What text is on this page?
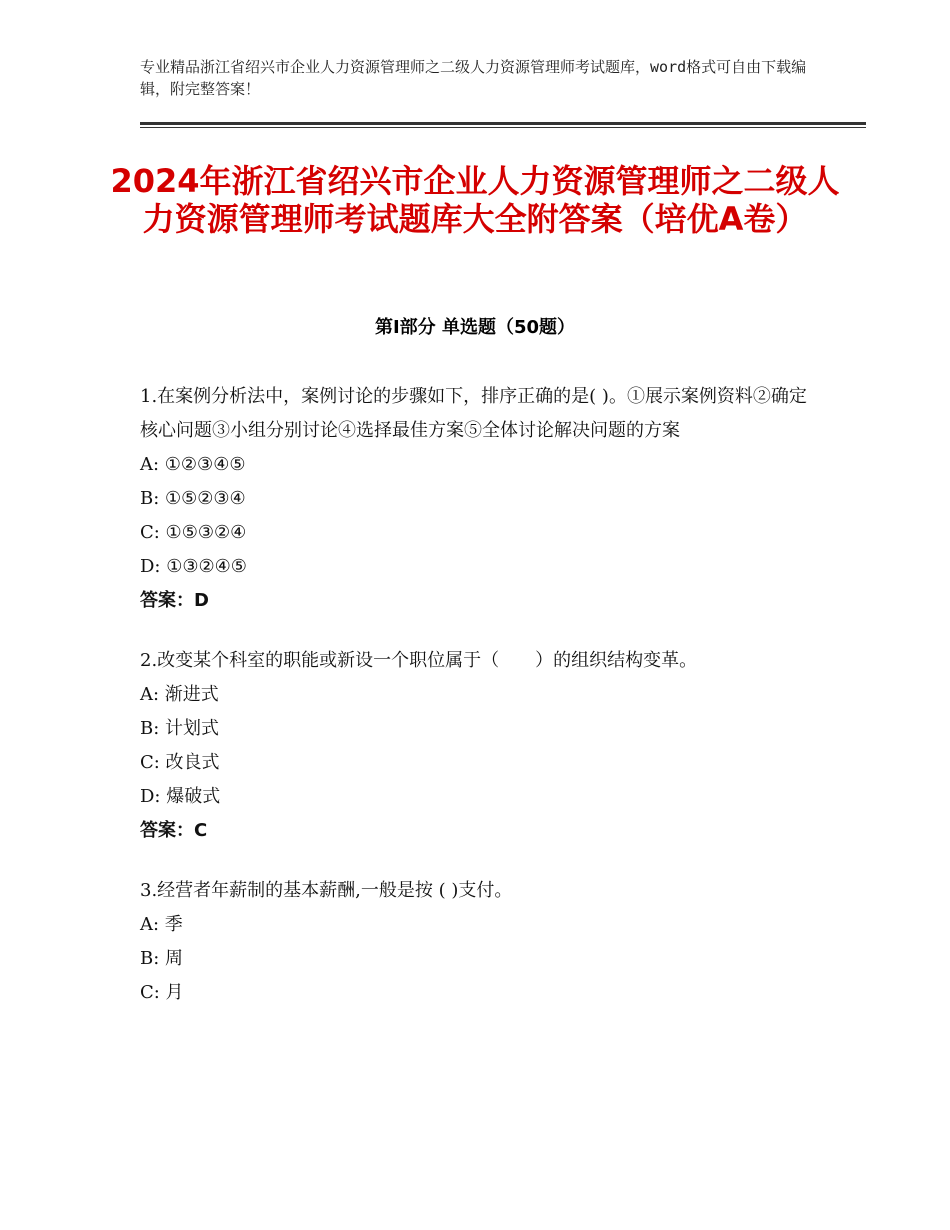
专业精品浙江省绍兴市企业人力资源管理师之二级人力资源管理师考试题库，word格式可自由下载编辑，附完整答案！
2024年浙江省绍兴市企业人力资源管理师之二级人力资源管理师考试题库大全附答案（培优A卷）
第Ⅰ部分 单选题（50题）

1.在案例分析法中，案例讨论的步骤如下，排序正确的是( )。①展示案例资料②确定核心问题③小组分别讨论④选择最佳方案⑤全体讨论解决问题的方案

A: ①②③④⑤

B: ①⑤②③④

C: ①⑤③②④

D: ①③②④⑤

答案：D

2.改变某个科室的职能或新设一个职位属于（　　）的组织结构变革。

A: 渐进式

B: 计划式

C: 改良式

D: 爆破式

答案：C

3.经营者年薪制的基本薪酬,一般是按 ( )支付。

A: 季

B: 周

C: 月
